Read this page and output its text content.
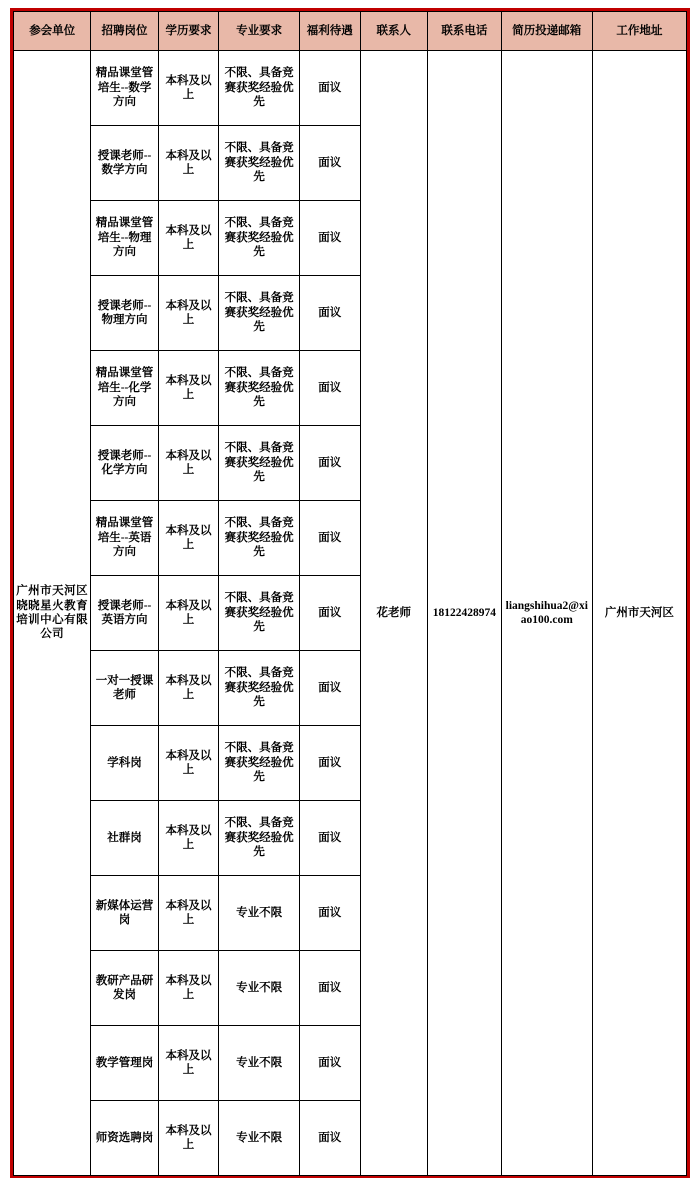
参会单位	招聘岗位	学历要求	专业要求	福利待遇	联系人	联系电话	简历投递邮箱	工作地址
广州市天河区晓晓星火教育培训中心有限公司	精品课堂管培生--数学方向	本科及以上	不限、具备竞赛获奖经验优先	面议	花老师	18122428974	liangshihua2@xiao100.com	广州市天河区
	授课老师--数学方向	本科及以上	不限、具备竞赛获奖经验优先	面议				
	精品课堂管培生--物理方向	本科及以上	不限、具备竞赛获奖经验优先	面议				
	授课老师--物理方向	本科及以上	不限、具备竞赛获奖经验优先	面议				
	精品课堂管培生--化学方向	本科及以上	不限、具备竞赛获奖经验优先	面议				
	授课老师--化学方向	本科及以上	不限、具备竞赛获奖经验优先	面议				
	精品课堂管培生--英语方向	本科及以上	不限、具备竞赛获奖经验优先	面议				
	授课老师--英语方向	本科及以上	不限、具备竞赛获奖经验优先	面议				
	一对一授课老师	本科及以上	不限、具备竞赛获奖经验优先	面议				
	学科岗	本科及以上	不限、具备竞赛获奖经验优先	面议				
	社群岗	本科及以上	不限、具备竞赛获奖经验优先	面议				
	新媒体运营岗	本科及以上	专业不限	面议				
	教研产品研发岗	本科及以上	专业不限	面议				
	教学管理岗	本科及以上	专业不限	面议				
	师资选聘岗	本科及以上	专业不限	面议				
